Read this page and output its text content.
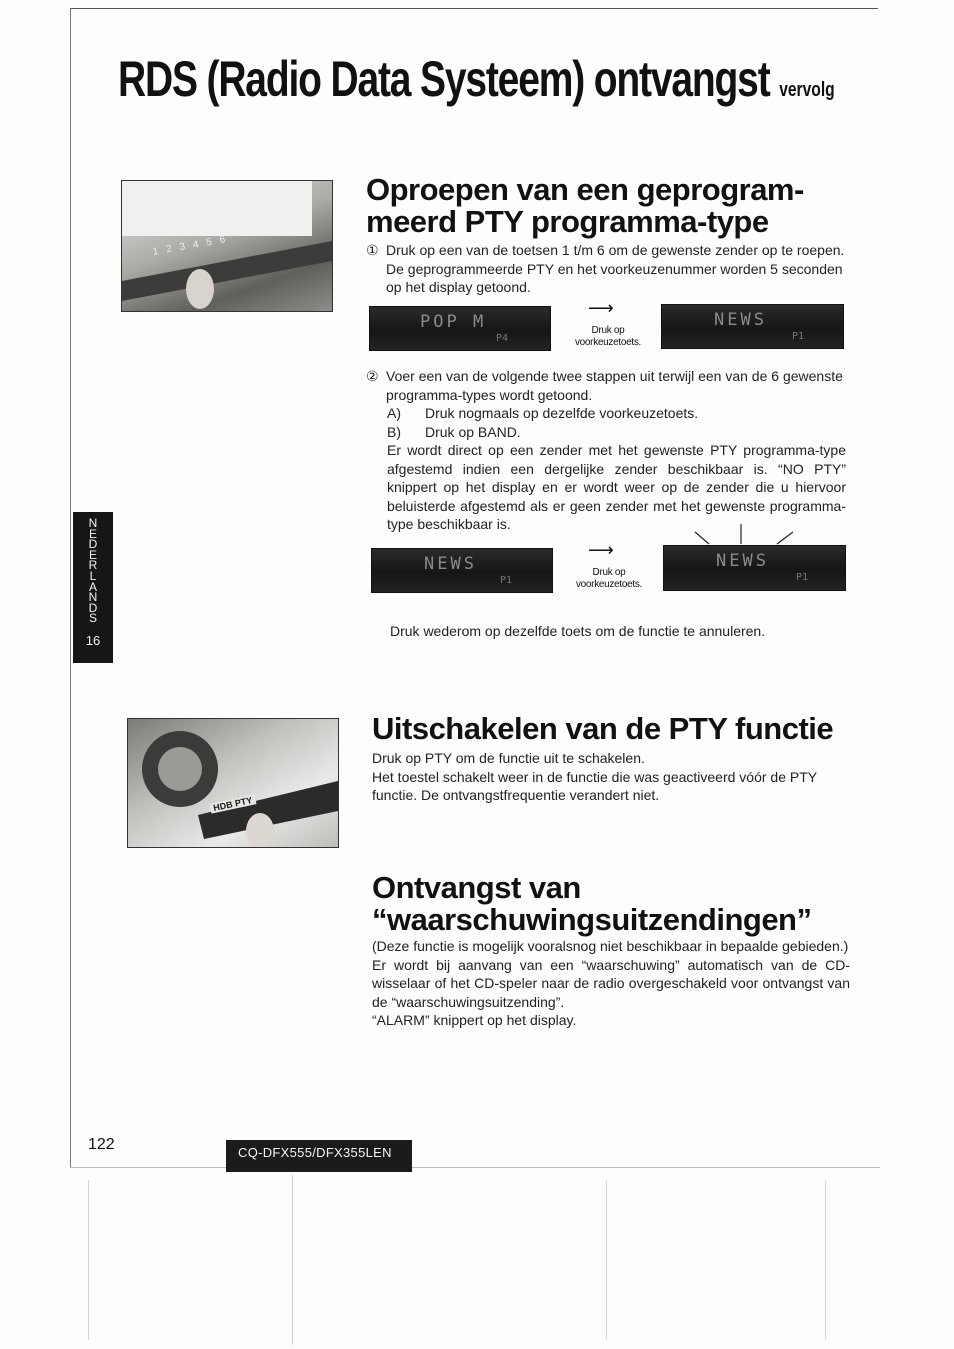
RDS (Radio Data Systeem) ontvangst vervolg
1 2 3 4 5 6
Oproepen van een geprogram-
meerd PTY programma-type
① Druk op een van de toetsen 1 t/m 6 om de gewenste zender op te roepen. De geprogrammeerde PTY en het voorkeuzenummer worden 5 seconden op het display getoond.
POP M
P4
⟶
Druk op
voorkeuzetoets.
NEWS
P1
② Voer een van de volgende twee stappen uit terwijl een van de 6 gewenste programma-types wordt getoond.
A)	Druk nogmaals op dezelfde voorkeuzetoets.
B)	Druk op BAND.

Er wordt direct op een zender met het gewenste PTY programma-type afgestemd indien een dergelijke zender beschikbaar is. “NO PTY” knippert op het display en er wordt weer op de zender die u hiervoor beluisterde afgestemd als er geen zender met het gewenste programma-type beschikbaar is.

NEWS
P1
⟶
Druk op
voorkeuzetoets.
NEWS
P1

Druk wederom op dezelfde toets om de functie te annuleren.

N
E
D
E
R
L
A
N
D
S
16
HDB PTY
Uitschakelen van de PTY functie

Druk op PTY om de functie uit te schakelen.

Het toestel schakelt weer in de functie die was geactiveerd vóór de PTY functie. De ontvangstfrequentie verandert niet.

Ontvangst van
“waarschuwingsuitzendingen”

(Deze functie is mogelijk vooralsnog niet beschikbaar in bepaalde gebieden.)

Er wordt bij aanvang van een “waarschuwing” automatisch van de CD-wisselaar of het CD-speler naar de radio overgeschakeld voor ontvangst van de “waarschuwingsuitzending”.

“ALARM” knippert op het display.

122	CQ-DFX555/DFX355LEN
